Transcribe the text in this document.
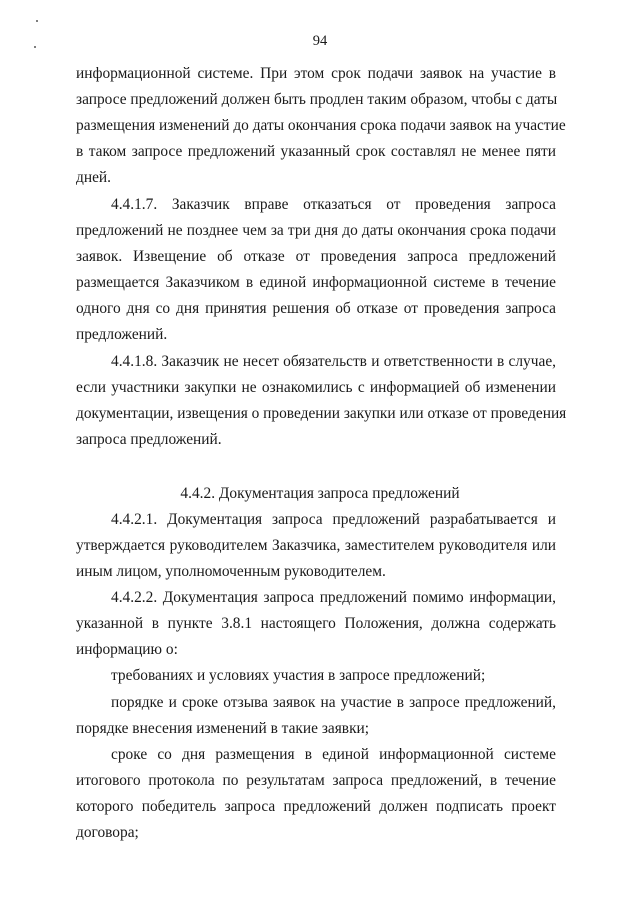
94
информационной системе. При этом срок подачи заявок на участие в
запросе предложений должен быть продлен таким образом, чтобы с даты
размещения изменений до даты окончания срока подачи заявок на участие
в таком запросе предложений указанный срок составлял не менее пяти
дней.
4.4.1.7. Заказчик вправе отказаться от проведения запроса
предложений не позднее чем за три дня до даты окончания срока подачи
заявок. Извещение об отказе от проведения запроса предложений
размещается Заказчиком в единой информационной системе в течение
одного дня со дня принятия решения об отказе от проведения запроса
предложений.
4.4.1.8. Заказчик не несет обязательств и ответственности в случае,
если участники закупки не ознакомились с информацией об изменении
документации, извещения о проведении закупки или отказе от проведения
запроса предложений.
4.4.2. Документация запроса предложений
4.4.2.1. Документация запроса предложений разрабатывается и
утверждается руководителем Заказчика, заместителем руководителя или
иным лицом, уполномоченным руководителем.
4.4.2.2. Документация запроса предложений помимо информации,
указанной в пункте 3.8.1 настоящего Положения, должна содержать
информацию о:
требованиях и условиях участия в запросе предложений;
порядке и сроке отзыва заявок на участие в запросе предложений,
порядке внесения изменений в такие заявки;
сроке со дня размещения в единой информационной системе
итогового протокола по результатам запроса предложений, в течение
которого победитель запроса предложений должен подписать проект
договора;
